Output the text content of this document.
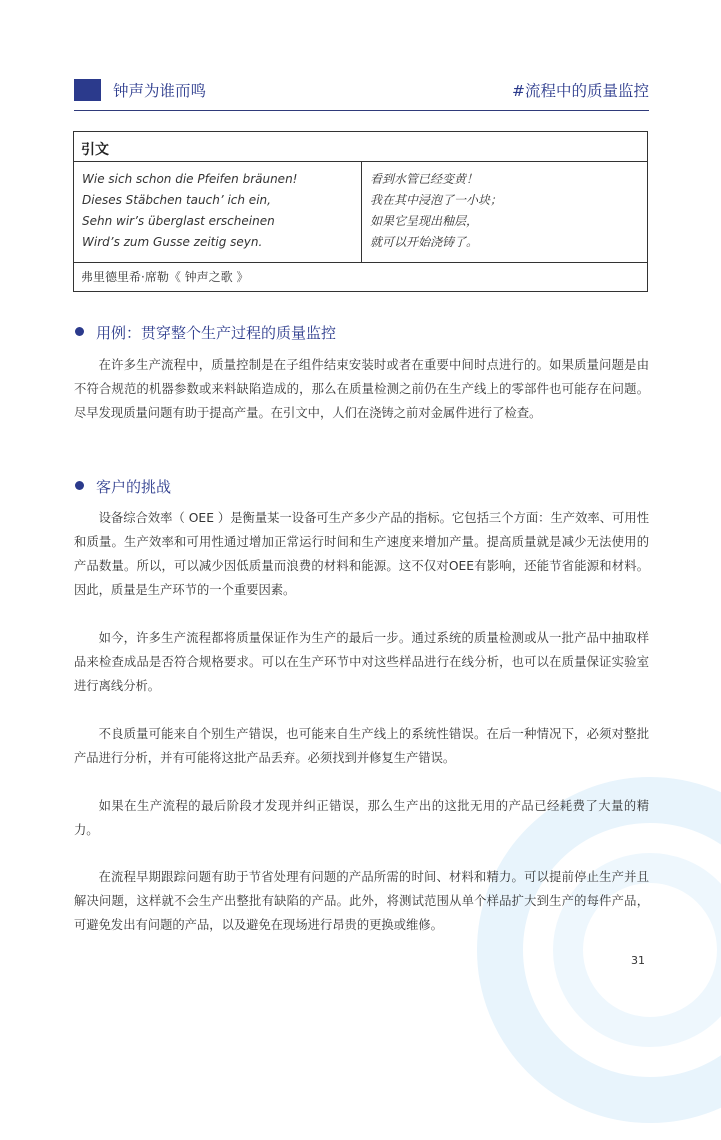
钟声为谁而鸣	#流程中的质量监控
引文
Wie sich schon die Pfeifen bräunen!
Dieses Stäbchen tauch’ ich ein,
Sehn wir’s überglast erscheinen
Wird’s zum Gusse zeitig seyn.
看到水管已经变黄！
我在其中浸泡了一小块；
如果它呈现出釉层，
就可以开始浇铸了。
弗里德里希·席勒《 钟声之歌 》
用例：贯穿整个生产过程的质量监控

在许多生产流程中，质量控制是在子组件结束安装时或者在重要中间时点进行的。如果质量问题是由不符合规范的机器参数或来料缺陷造成的，那么在质量检测之前仍在生产线上的零部件也可能存在问题。尽早发现质量问题有助于提高产量。在引文中，人们在浇铸之前对金属件进行了检查。

客户的挑战

设备综合效率（ OEE ）是衡量某一设备可生产多少产品的指标。它包括三个方面：生产效率、可用性和质量。生产效率和可用性通过增加正常运行时间和生产速度来增加产量。提高质量就是减少无法使用的产品数量。所以，可以减少因低质量而浪费的材料和能源。这不仅对OEE有影响，还能节省能源和材料。因此，质量是生产环节的一个重要因素。

如今，许多生产流程都将质量保证作为生产的最后一步。通过系统的质量检测或从一批产品中抽取样品来检查成品是否符合规格要求。可以在生产环节中对这些样品进行在线分析，也可以在质量保证实验室进行离线分析。

不良质量可能来自个别生产错误，也可能来自生产线上的系统性错误。在后一种情况下，必须对整批产品进行分析，并有可能将这批产品丢弃。必须找到并修复生产错误。

如果在生产流程的最后阶段才发现并纠正错误，那么生产出的这批无用的产品已经耗费了大量的精力。

在流程早期跟踪问题有助于节省处理有问题的产品所需的时间、材料和精力。可以提前停止生产并且解决问题，这样就不会生产出整批有缺陷的产品。此外，将测试范围从单个样品扩大到生产的每件产品，可避免发出有问题的产品，以及避免在现场进行昂贵的更换或维修。

31
